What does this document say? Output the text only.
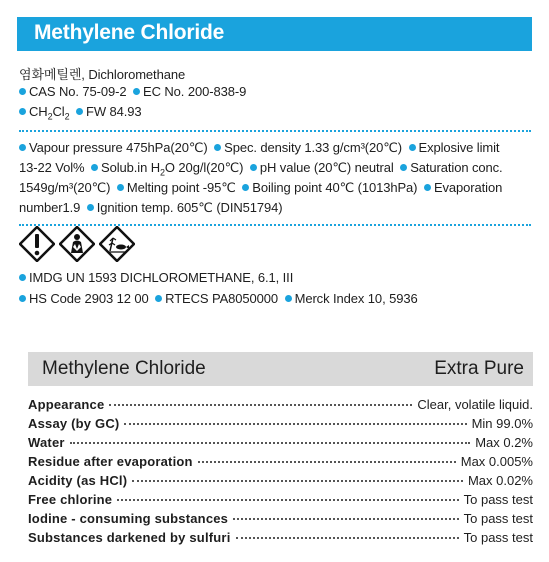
Methylene Chloride
염화메틸렌, Dichloromethane
CAS No. 75-09-2 EC No. 200-838-9
$CH_2Cl_2$ FW 84.93
Vapour pressure 475hPa(20℃) Spec. density 1.33 g/cm³(20℃) Explosive limit
13-22 Vol% Solub.in $H_2O$ 20g/l(20℃) pH value (20℃) neutral Saturation conc.
1549g/m³(20℃) Melting point -95℃ Boiling point 40℃ (1013hPa) Evaporation
number1.9 Ignition temp. 605℃ (DIN51794)
IMDG UN 1593 DICHLOROMETHANE, 6.1, III
HS Code 2903 12 00 RTECS PA8050000 Merck Index 10, 5936
Methylene Chloride	Extra Pure
Appearance	Clear, volatile liquid.
Assay (by GC)	Min 99.0%
Water	Max 0.2%
Residue after evaporation	Max 0.005%
Acidity (as HCl)	Max 0.02%
Free chlorine	To pass test
Iodine - consuming substances	To pass test
Substances darkened by sulfuri	To pass test
